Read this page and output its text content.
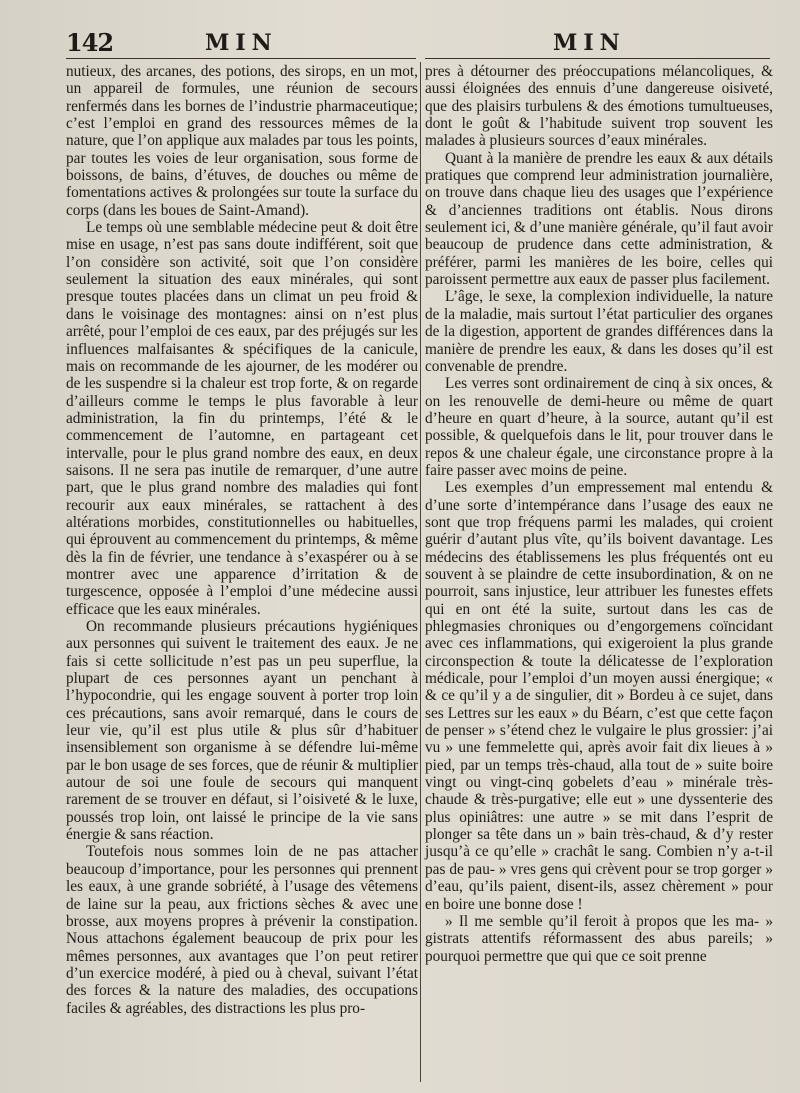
142	MIN	MIN

nutieux, des arcanes, des potions, des sirops, en un mot, un appareil de formules, une réunion de secours renfermés dans les bornes de l’industrie pharmaceutique; c’est l’emploi en grand des ressources mêmes de la nature, que l’on applique aux malades par tous les points, par toutes les voies de leur organisation, sous forme de boissons, de bains, d’étuves, de douches ou même de fomentations actives & prolongées sur toute la surface du corps (dans les boues de Saint-Amand).

Le temps où une semblable médecine peut & doit être mise en usage, n’est pas sans doute indifférent, soit que l’on considère son activité, soit que l’on considère seulement la situation des eaux minérales, qui sont presque toutes placées dans un climat un peu froid & dans le voisinage des montagnes: ainsi on n’est plus arrêté, pour l’emploi de ces eaux, par des préjugés sur les influences malfaisantes & spécifiques de la canicule, mais on recommande de les ajourner, de les modérer ou de les suspendre si la chaleur est trop forte, & on regarde d’ailleurs comme le temps le plus favorable à leur administration, la fin du printemps, l’été & le commencement de l’automne, en partageant cet intervalle, pour le plus grand nombre des eaux, en deux saisons. Il ne sera pas inutile de remarquer, d’une autre part, que le plus grand nombre des maladies qui font recourir aux eaux minérales, se rattachent à des altérations morbides, constitutionnelles ou habituelles, qui éprouvent au commencement du printemps, & même dès la fin de février, une tendance à s’exaspérer ou à se montrer avec une apparence d’irritation & de turgescence, opposée à l’emploi d’une médecine aussi efficace que les eaux minérales.

On recommande plusieurs précautions hygiéniques aux personnes qui suivent le traitement des eaux. Je ne fais si cette sollicitude n’est pas un peu superflue, la plupart de ces personnes ayant un penchant à l’hypocondrie, qui les engage souvent à porter trop loin ces précautions, sans avoir remarqué, dans le cours de leur vie, qu’il est plus utile & plus sûr d’habituer insensiblement son organisme à se défendre lui-même par le bon usage de ses forces, que de réunir & multiplier autour de soi une foule de secours qui manquent rarement de se trouver en défaut, si l’oisiveté & le luxe, poussés trop loin, ont laissé le principe de la vie sans énergie & sans réaction.

Toutefois nous sommes loin de ne pas attacher beaucoup d’importance, pour les personnes qui prennent les eaux, à une grande sobriété, à l’usage des vêtemens de laine sur la peau, aux frictions sèches & avec une brosse, aux moyens propres à prévenir la constipation. Nous attachons également beaucoup de prix pour les mêmes personnes, aux avantages que l’on peut retirer d’un exercice modéré, à pied ou à cheval, suivant l’état des forces & la nature des maladies, des occupations faciles & agréables, des distractions les plus pro-

pres à détourner des préoccupations mélancoliques, & aussi éloignées des ennuis d’une dangereuse oisiveté, que des plaisirs turbulens & des émotions tumultueuses, dont le goût & l’habitude suivent trop souvent les malades à plusieurs sources d’eaux minérales.

Quant à la manière de prendre les eaux & aux détails pratiques que comprend leur administration journalière, on trouve dans chaque lieu des usages que l’expérience & d’anciennes traditions ont établis. Nous dirons seulement ici, & d’une manière générale, qu’il faut avoir beaucoup de prudence dans cette administration, & préférer, parmi les manières de les boire, celles qui paroissent permettre aux eaux de passer plus facilement.

L’âge, le sexe, la complexion individuelle, la nature de la maladie, mais surtout l’état particulier des organes de la digestion, apportent de grandes différences dans la manière de prendre les eaux, & dans les doses qu’il est convenable de prendre.

Les verres sont ordinairement de cinq à six onces, & on les renouvelle de demi-heure ou même de quart d’heure en quart d’heure, à la source, autant qu’il est possible, & quelquefois dans le lit, pour trouver dans le repos & une chaleur égale, une circonstance propre à la faire passer avec moins de peine.

Les exemples d’un empressement mal entendu & d’une sorte d’intempérance dans l’usage des eaux ne sont que trop fréquens parmi les malades, qui croient guérir d’autant plus vîte, qu’ils boivent davantage. Les médecins des établissemens les plus fréquentés ont eu souvent à se plaindre de cette insubordination, & on ne pourroit, sans injustice, leur attribuer les funestes effets qui en ont été la suite, surtout dans les cas de phlegmasies chroniques ou d’engorgemens coïncidant avec ces inflammations, qui exigeroient la plus grande circonspection & toute la délicatesse de l’exploration médicale, pour l’emploi d’un moyen aussi énergique; « & ce qu’il y a de singulier, dit » Bordeu à ce sujet, dans ses Lettres sur les eaux » du Béarn, c’est que cette façon de penser » s’étend chez le vulgaire le plus grossier: j’ai vu » une femmelette qui, après avoir fait dix lieues à » pied, par un temps très-chaud, alla tout de » suite boire vingt ou vingt-cinq gobelets d’eau » minérale très-chaude & très-purgative; elle eut » une dyssenterie des plus opiniâtres: une autre » se mit dans l’esprit de plonger sa tête dans un » bain très-chaud, & d’y rester jusqu’à ce qu’elle » crachât le sang. Combien n’y a-t-il pas de pau- » vres gens qui crèvent pour se trop gorger » d’eau, qu’ils paient, disent-ils, assez chèrement » pour en boire une bonne dose !

» Il me semble qu’il feroit à propos que les ma- » gistrats attentifs réformassent des abus pareils; » pourquoi permettre que qui que ce soit prenne
